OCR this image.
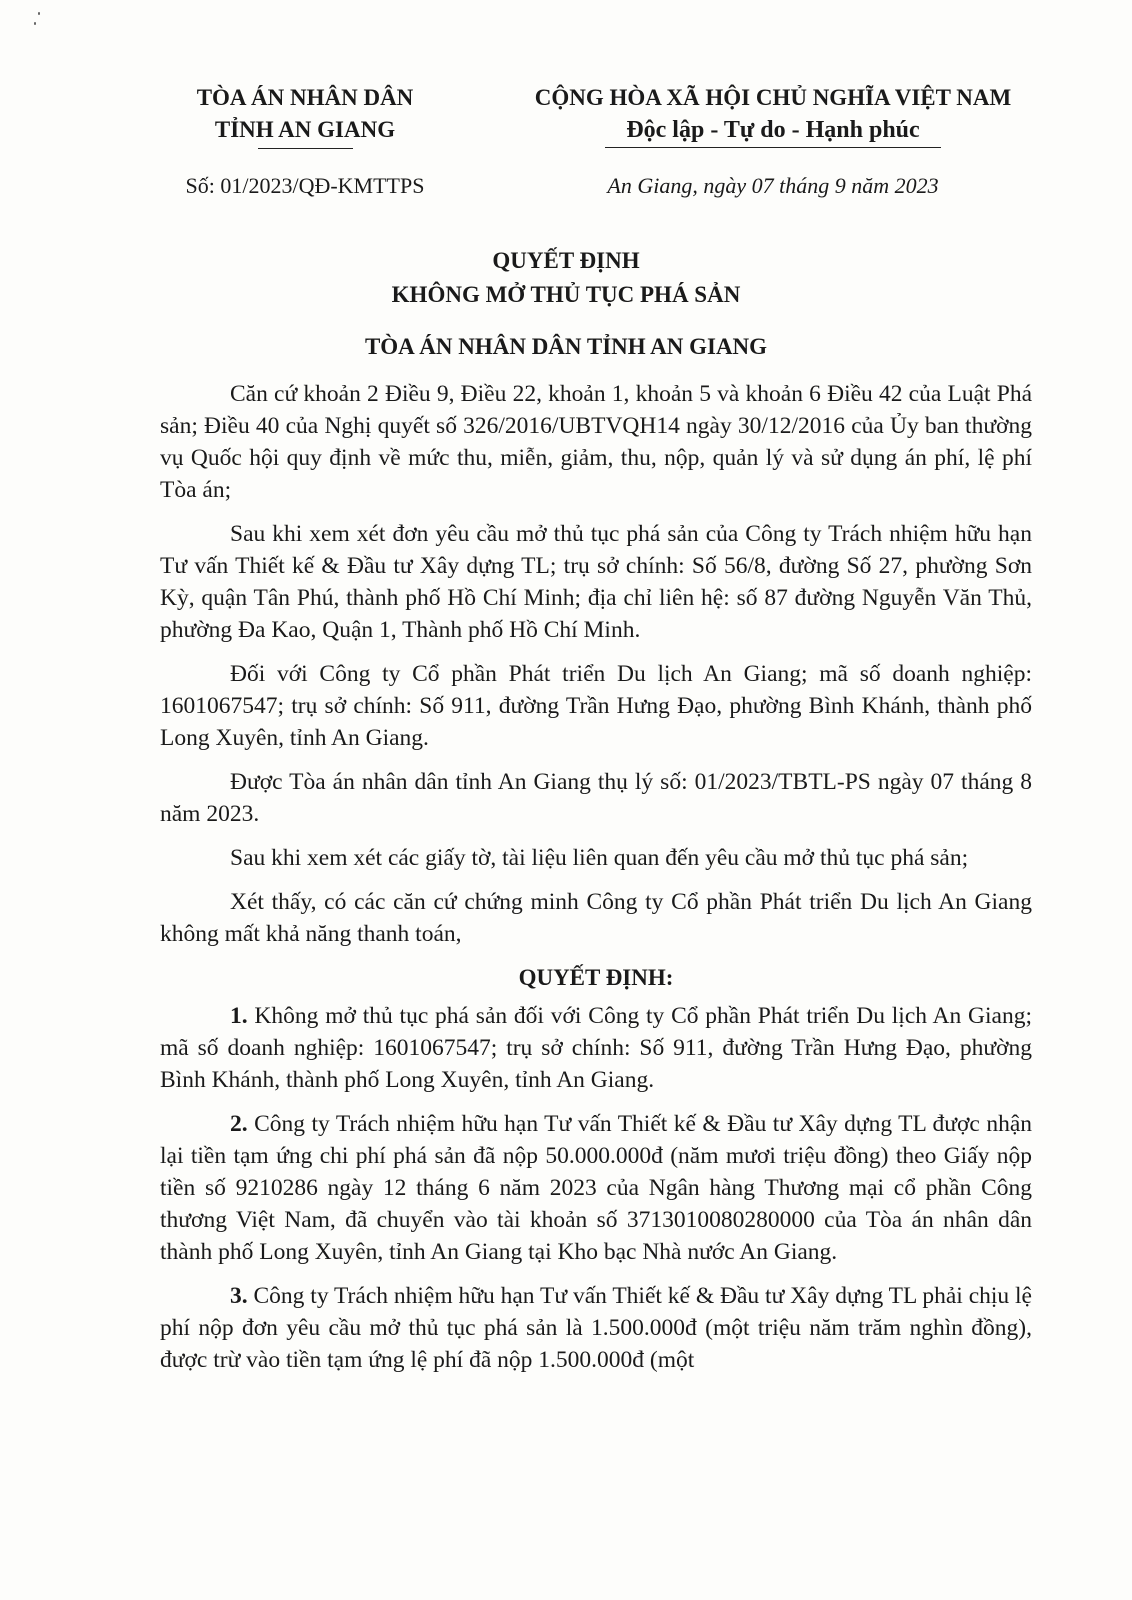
TÒA ÁN NHÂN DÂN
TỈNH AN GIANG
CỘNG HÒA XÃ HỘI CHỦ NGHĨA VIỆT NAM
Độc lập - Tự do - Hạnh phúc
Số: 01/2023/QĐ-KMTTPS	An Giang, ngày 07 tháng 9 năm 2023
QUYẾT ĐỊNH
KHÔNG MỞ THỦ TỤC PHÁ SẢN
TÒA ÁN NHÂN DÂN TỈNH AN GIANG

Căn cứ khoản 2 Điều 9, Điều 22, khoản 1, khoản 5 và khoản 6 Điều 42 của Luật Phá sản; Điều 40 của Nghị quyết số 326/2016/UBTVQH14 ngày 30/12/2016 của Ủy ban thường vụ Quốc hội quy định về mức thu, miễn, giảm, thu, nộp, quản lý và sử dụng án phí, lệ phí Tòa án;

Sau khi xem xét đơn yêu cầu mở thủ tục phá sản của Công ty Trách nhiệm hữu hạn Tư vấn Thiết kế & Đầu tư Xây dựng TL; trụ sở chính: Số 56/8, đường Số 27, phường Sơn Kỳ, quận Tân Phú, thành phố Hồ Chí Minh; địa chỉ liên hệ: số 87 đường Nguyễn Văn Thủ, phường Đa Kao, Quận 1, Thành phố Hồ Chí Minh.

Đối với Công ty Cổ phần Phát triển Du lịch An Giang; mã số doanh nghiệp: 1601067547; trụ sở chính: Số 911, đường Trần Hưng Đạo, phường Bình Khánh, thành phố Long Xuyên, tỉnh An Giang.

Được Tòa án nhân dân tỉnh An Giang thụ lý số: 01/2023/TBTL-PS ngày 07 tháng 8 năm 2023.

Sau khi xem xét các giấy tờ, tài liệu liên quan đến yêu cầu mở thủ tục phá sản;

Xét thấy, có các căn cứ chứng minh Công ty Cổ phần Phát triển Du lịch An Giang không mất khả năng thanh toán,

QUYẾT ĐỊNH:

1. Không mở thủ tục phá sản đối với Công ty Cổ phần Phát triển Du lịch An Giang; mã số doanh nghiệp: 1601067547; trụ sở chính: Số 911, đường Trần Hưng Đạo, phường Bình Khánh, thành phố Long Xuyên, tỉnh An Giang.

2. Công ty Trách nhiệm hữu hạn Tư vấn Thiết kế & Đầu tư Xây dựng TL được nhận lại tiền tạm ứng chi phí phá sản đã nộp 50.000.000đ (năm mươi triệu đồng) theo Giấy nộp tiền số 9210286 ngày 12 tháng 6 năm 2023 của Ngân hàng Thương mại cổ phần Công thương Việt Nam, đã chuyển vào tài khoản số 3713010080280000 của Tòa án nhân dân thành phố Long Xuyên, tỉnh An Giang tại Kho bạc Nhà nước An Giang.

3. Công ty Trách nhiệm hữu hạn Tư vấn Thiết kế & Đầu tư Xây dựng TL phải chịu lệ phí nộp đơn yêu cầu mở thủ tục phá sản là 1.500.000đ (một triệu năm trăm nghìn đồng), được trừ vào tiền tạm ứng lệ phí đã nộp 1.500.000đ (một
